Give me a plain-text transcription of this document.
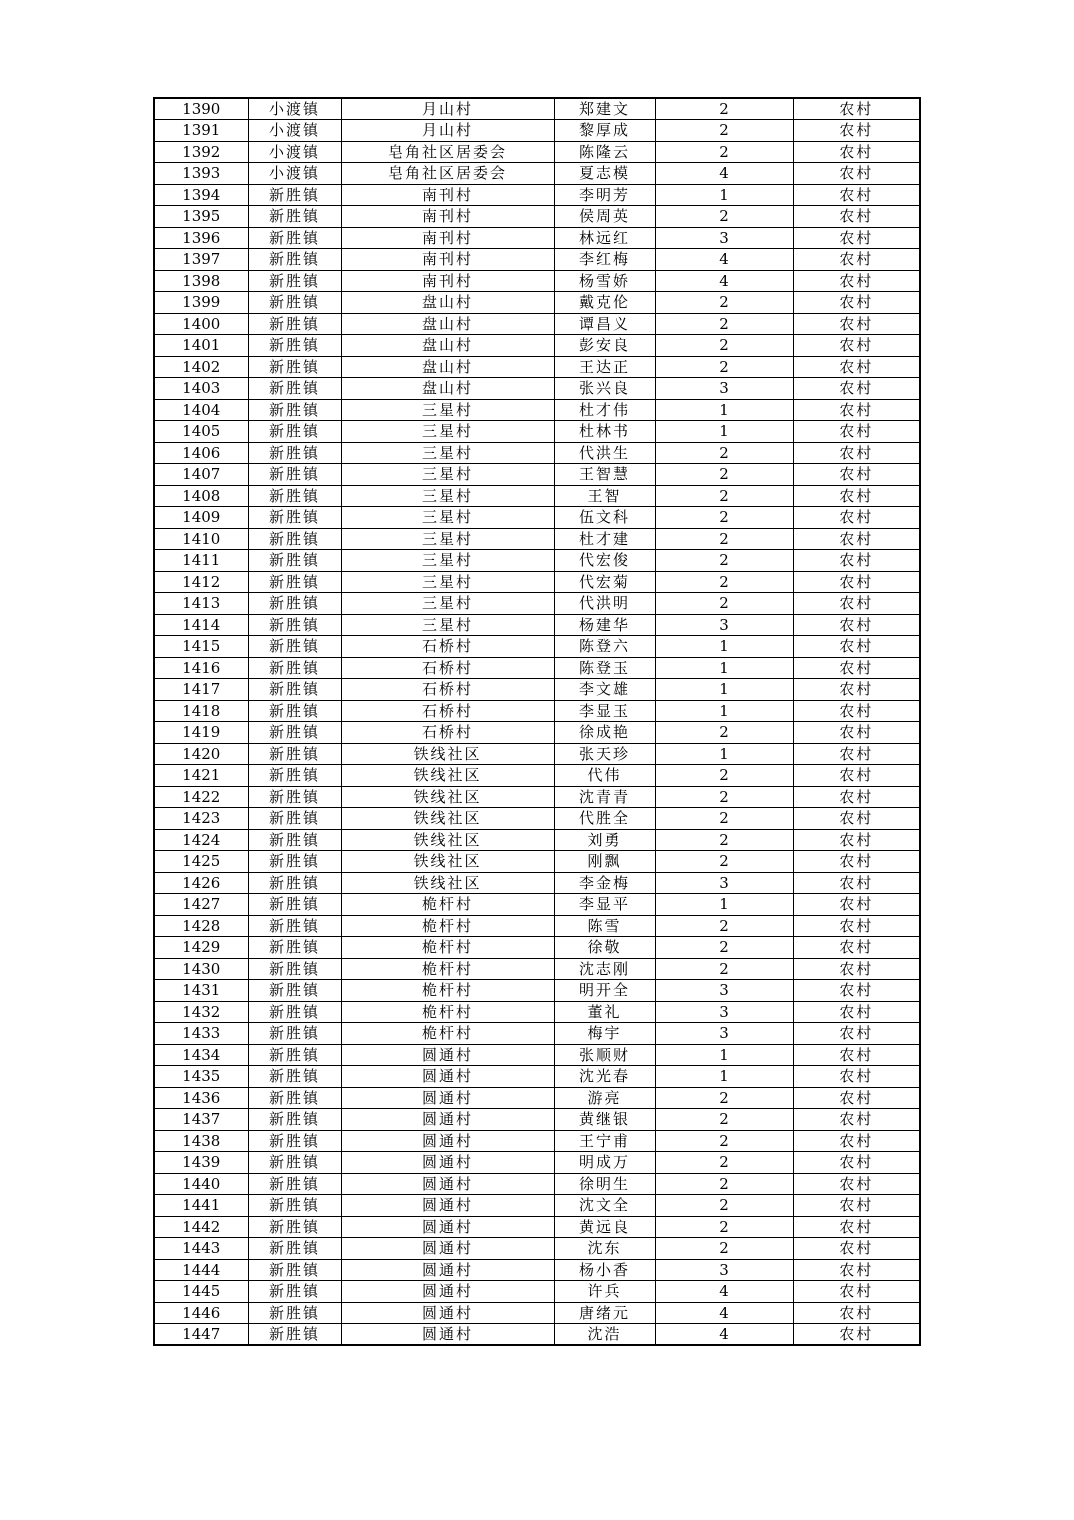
1390	小渡镇	月山村	郑建文	2	农村
1391	小渡镇	月山村	黎厚成	2	农村
1392	小渡镇	皂角社区居委会	陈隆云	2	农村
1393	小渡镇	皂角社区居委会	夏志模	4	农村
1394	新胜镇	南刊村	李明芳	1	农村
1395	新胜镇	南刊村	侯周英	2	农村
1396	新胜镇	南刊村	林远红	3	农村
1397	新胜镇	南刊村	李红梅	4	农村
1398	新胜镇	南刊村	杨雪娇	4	农村
1399	新胜镇	盘山村	戴克伦	2	农村
1400	新胜镇	盘山村	谭昌义	2	农村
1401	新胜镇	盘山村	彭安良	2	农村
1402	新胜镇	盘山村	王达正	2	农村
1403	新胜镇	盘山村	张兴良	3	农村
1404	新胜镇	三星村	杜才伟	1	农村
1405	新胜镇	三星村	杜林书	1	农村
1406	新胜镇	三星村	代洪生	2	农村
1407	新胜镇	三星村	王智慧	2	农村
1408	新胜镇	三星村	王智	2	农村
1409	新胜镇	三星村	伍文科	2	农村
1410	新胜镇	三星村	杜才建	2	农村
1411	新胜镇	三星村	代宏俊	2	农村
1412	新胜镇	三星村	代宏菊	2	农村
1413	新胜镇	三星村	代洪明	2	农村
1414	新胜镇	三星村	杨建华	3	农村
1415	新胜镇	石桥村	陈登六	1	农村
1416	新胜镇	石桥村	陈登玉	1	农村
1417	新胜镇	石桥村	李文雄	1	农村
1418	新胜镇	石桥村	李显玉	1	农村
1419	新胜镇	石桥村	徐成艳	2	农村
1420	新胜镇	铁线社区	张天珍	1	农村
1421	新胜镇	铁线社区	代伟	2	农村
1422	新胜镇	铁线社区	沈青青	2	农村
1423	新胜镇	铁线社区	代胜全	2	农村
1424	新胜镇	铁线社区	刘勇	2	农村
1425	新胜镇	铁线社区	刚飘	2	农村
1426	新胜镇	铁线社区	李金梅	3	农村
1427	新胜镇	桅杆村	李显平	1	农村
1428	新胜镇	桅杆村	陈雪	2	农村
1429	新胜镇	桅杆村	徐敬	2	农村
1430	新胜镇	桅杆村	沈志刚	2	农村
1431	新胜镇	桅杆村	明开全	3	农村
1432	新胜镇	桅杆村	董礼	3	农村
1433	新胜镇	桅杆村	梅宇	3	农村
1434	新胜镇	圆通村	张顺财	1	农村
1435	新胜镇	圆通村	沈光春	1	农村
1436	新胜镇	圆通村	游亮	2	农村
1437	新胜镇	圆通村	黄继银	2	农村
1438	新胜镇	圆通村	王宁甫	2	农村
1439	新胜镇	圆通村	明成万	2	农村
1440	新胜镇	圆通村	徐明生	2	农村
1441	新胜镇	圆通村	沈文全	2	农村
1442	新胜镇	圆通村	黄远良	2	农村
1443	新胜镇	圆通村	沈东	2	农村
1444	新胜镇	圆通村	杨小香	3	农村
1445	新胜镇	圆通村	许兵	4	农村
1446	新胜镇	圆通村	唐绪元	4	农村
1447	新胜镇	圆通村	沈浩	4	农村
